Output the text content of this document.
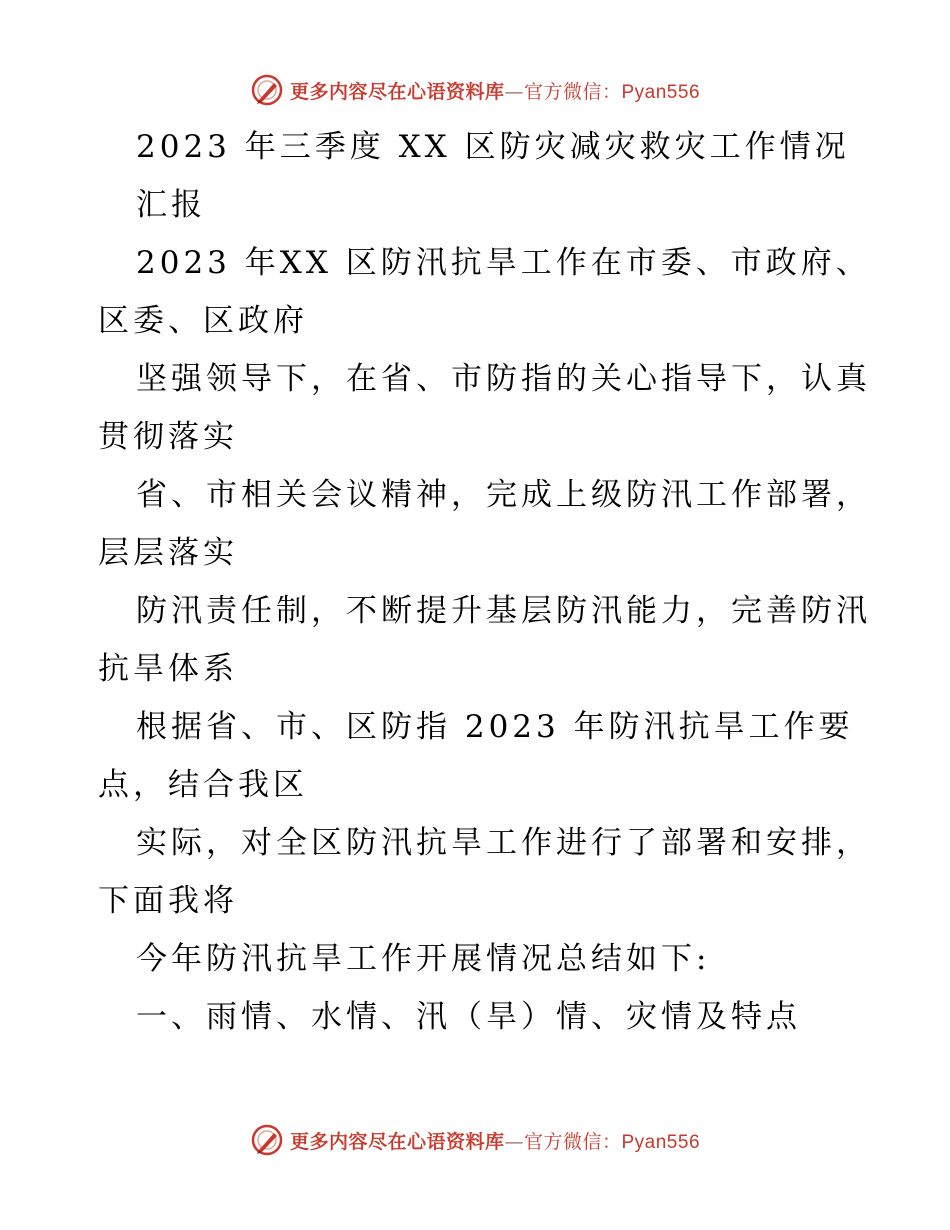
更多内容尽在心语资料库—官方微信：Pyan556
2023 年三季度 XX 区防灾减灾救灾工作情况
汇报
2023 年XX 区防汛抗旱工作在市委、市政府、
区委、区政府
坚强领导下，在省、市防指的关心指导下，认真
贯彻落实
省、市相关会议精神，完成上级防汛工作部署，
层层落实
防汛责任制，不断提升基层防汛能力，完善防汛
抗旱体系
根据省、市、区防指 2023 年防汛抗旱工作要
点，结合我区
实际，对全区防汛抗旱工作进行了部署和安排，
下面我将
今年防汛抗旱工作开展情况总结如下:
一、雨情、水情、汛（旱）情、灾情及特点
更多内容尽在心语资料库—官方微信：Pyan556
